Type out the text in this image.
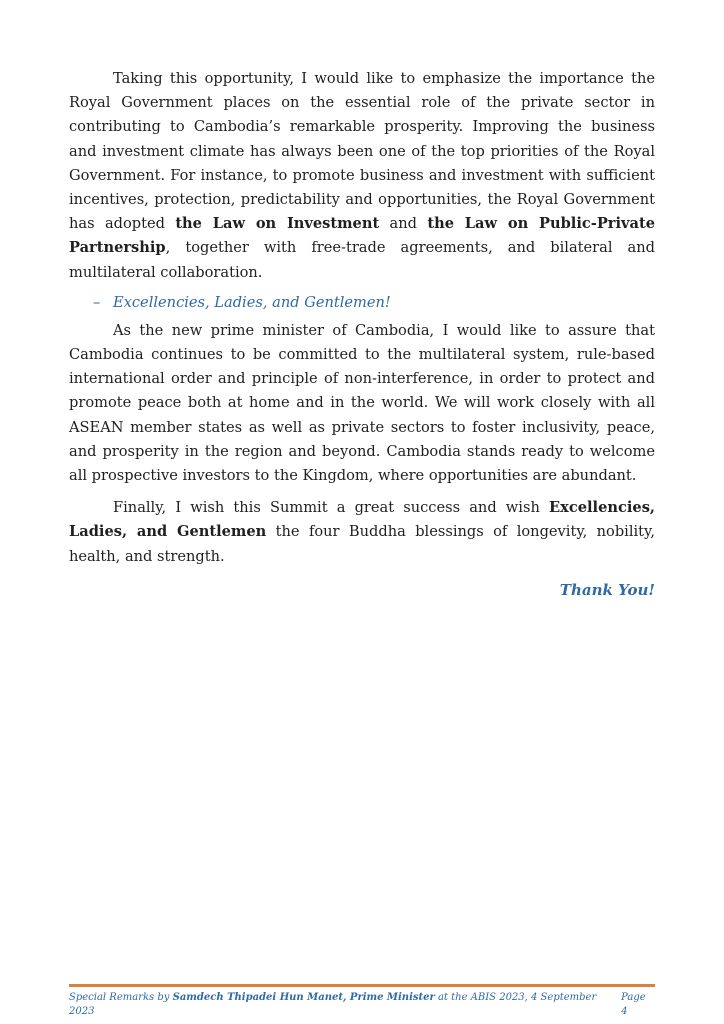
Taking this opportunity, I would like to emphasize the importance the Royal Government places on the essential role of the private sector in contributing to Cambodia’s remarkable prosperity. Improving the business and investment climate has always been one of the top priorities of the Royal Government. For instance, to promote business and investment with sufficient incentives, protection, predictability and opportunities, the Royal Government has adopted the Law on Investment and the Law on Public-Private Partnership, together with free-trade agreements, and bilateral and multilateral collaboration.

– Excellencies, Ladies, and Gentlemen!

As the new prime minister of Cambodia, I would like to assure that Cambodia continues to be committed to the multilateral system, rule-based international order and principle of non-interference, in order to protect and promote peace both at home and in the world. We will work closely with all ASEAN member states as well as private sectors to foster inclusivity, peace, and prosperity in the region and beyond. Cambodia stands ready to welcome all prospective investors to the Kingdom, where opportunities are abundant.

Finally, I wish this Summit a great success and wish Excellencies, Ladies, and Gentlemen the four Buddha blessings of longevity, nobility, health, and strength.

Thank You!
Special Remarks by Samdech Thipadei Hun Manet, Prime Minister at the ABIS 2023, 4 September 2023
Page 4
